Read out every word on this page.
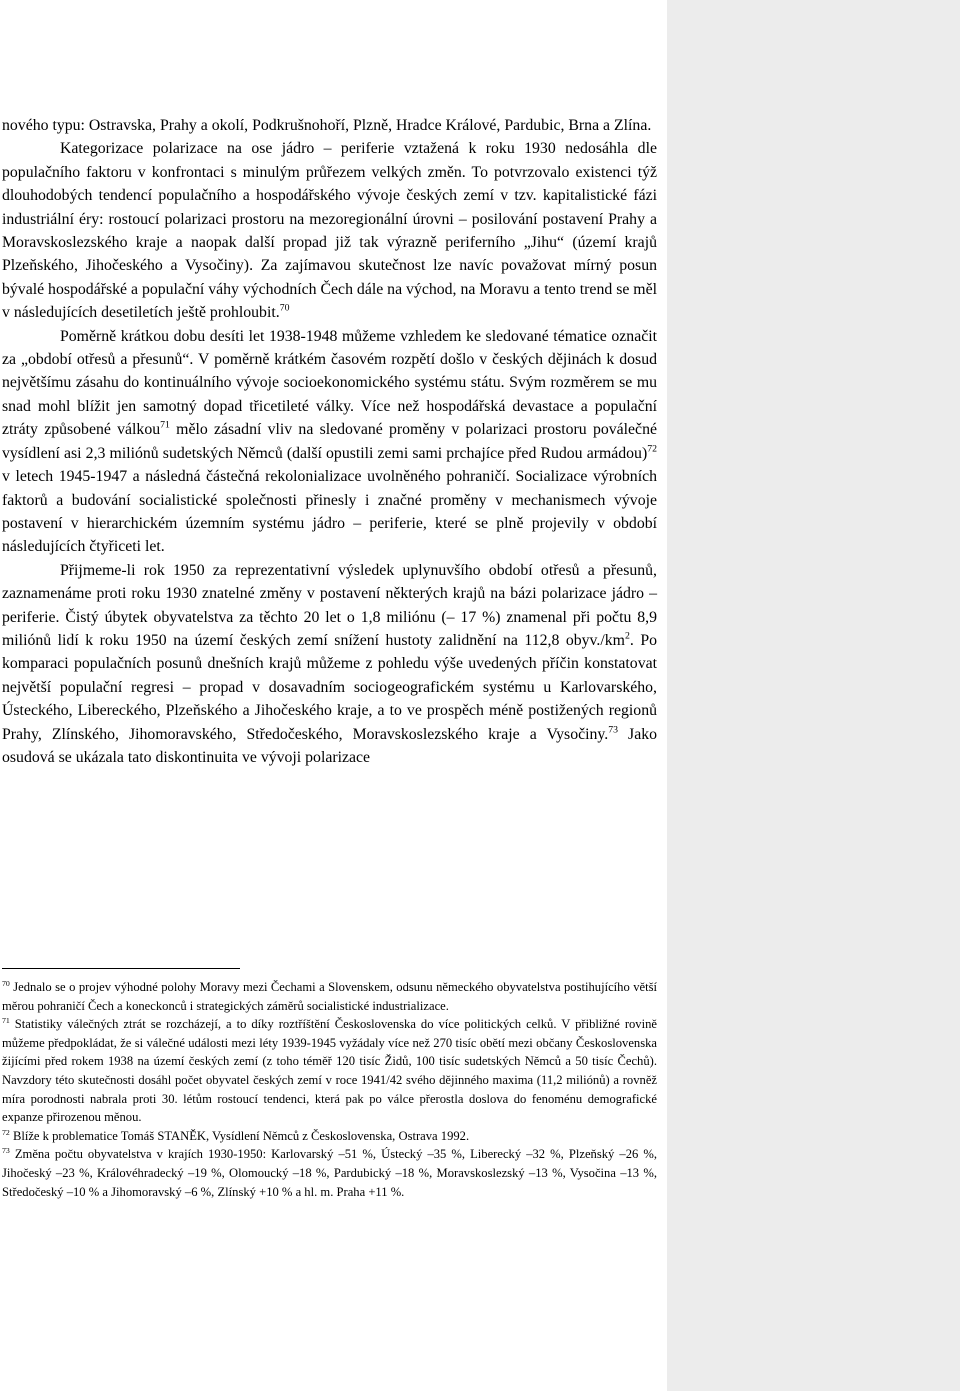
nového typu: Ostravska, Prahy a okolí, Podkrušnohoří, Plzně, Hradce Králové, Pardubic, Brna a Zlína.

Kategorizace polarizace na ose jádro – periferie vztažená k roku 1930 nedosáhla dle populačního faktoru v konfrontaci s minulým průřezem velkých změn. To potvrzovalo existenci týž dlouhodobých tendencí populačního a hospodářského vývoje českých zemí v tzv. kapitalistické fázi industriální éry: rostoucí polarizaci prostoru na mezoregionální úrovni – posilování postavení Prahy a Moravskoslezského kraje a naopak další propad již tak výrazně periferního „Jihu“ (území krajů Plzeňského, Jihočeského a Vysočiny). Za zajímavou skutečnost lze navíc považovat mírný posun bývalé hospodářské a populační váhy východních Čech dále na východ, na Moravu a tento trend se měl v následujících desetiletích ještě prohloubit.$^{70}$

Poměrně krátkou dobu desíti let 1938-1948 můžeme vzhledem ke sledované tématice označit za „období otřesů a přesunů“. V poměrně krátkém časovém rozpětí došlo v českých dějinách k dosud největšímu zásahu do kontinuálního vývoje socioekonomického systému státu. Svým rozměrem se mu snad mohl blížit jen samotný dopad třicetileté války. Více než hospodářská devastace a populační ztráty způsobené válkou$^{71}$ mělo zásadní vliv na sledované proměny v polarizaci prostoru poválečné vysídlení asi 2,3 miliónů sudetských Němců (další opustili zemi sami prchajíce před Rudou armádou)$^{72}$ v letech 1945-1947 a následná částečná rekolonializace uvolněného pohraničí. Socializace výrobních faktorů a budování socialistické společnosti přinesly i značné proměny v mechanismech vývoje postavení v hierarchickém územním systému jádro – periferie, které se plně projevily v období následujících čtyřiceti let.

Přijmeme-li rok 1950 za reprezentativní výsledek uplynuvšího období otřesů a přesunů, zaznamenáme proti roku 1930 znatelné změny v postavení některých krajů na bázi polarizace jádro – periferie. Čistý úbytek obyvatelstva za těchto 20 let o 1,8 miliónu (– 17 %) znamenal při počtu 8,9 miliónů lidí k roku 1950 na území českých zemí snížení hustoty zalidnění na 112,8 $obyv./km^2$. Po komparaci populačních posunů dnešních krajů můžeme z pohledu výše uvedených příčin konstatovat největší populační regresi – propad v dosavadním sociogeografickém systému u Karlovarského, Ústeckého, Libereckého, Plzeňského a Jihočeského kraje, a to ve prospěch méně postižených regionů Prahy, Zlínského, Jihomoravského, Středočeského, Moravskoslezského kraje a Vysočiny.$^{73}$ Jako osudová se ukázala tato diskontinuita ve vývoji polarizace

$^{70}$ Jednalo se o projev výhodné polohy Moravy mezi Čechami a Slovenskem, odsunu německého obyvatelstva postihujícího větší měrou pohraničí Čech a koneckonců i strategických záměrů socialistické industrializace.

$^{71}$ Statistiky válečných ztrát se rozcházejí, a to díky roztříštění Československa do více politických celků. V přibližné rovině můžeme předpokládat, že si válečné události mezi léty 1939-1945 vyžádaly více než 270 tisíc obětí mezi občany Československa žijícími před rokem 1938 na území českých zemí (z toho téměř 120 tisíc Židů, 100 tisíc sudetských Němců a 50 tisíc Čechů). Navzdory této skutečnosti dosáhl počet obyvatel českých zemí v roce 1941/42 svého dějinného maxima (11,2 miliónů) a rovněž míra porodnosti nabrala proti 30. létům rostoucí tendenci, která pak po válce přerostla doslova do fenoménu demografické expanze přirozenou měnou.

$^{72}$ Blíže k problematice Tomáš STANĚK, Vysídlení Němců z Československa, Ostrava 1992.

$^{73}$ Změna počtu obyvatelstva v krajích 1930-1950: Karlovarský –51 %, Ústecký –35 %, Liberecký –32 %, Plzeňský –26 %, Jihočeský –23 %, Královéhradecký –19 %, Olomoucký –18 %, Pardubický –18 %, Moravskoslezský –13 %, Vysočina –13 %, Středočeský –10 % a Jihomoravský –6 %, Zlínský +10 % a hl. m. Praha +11 %.
